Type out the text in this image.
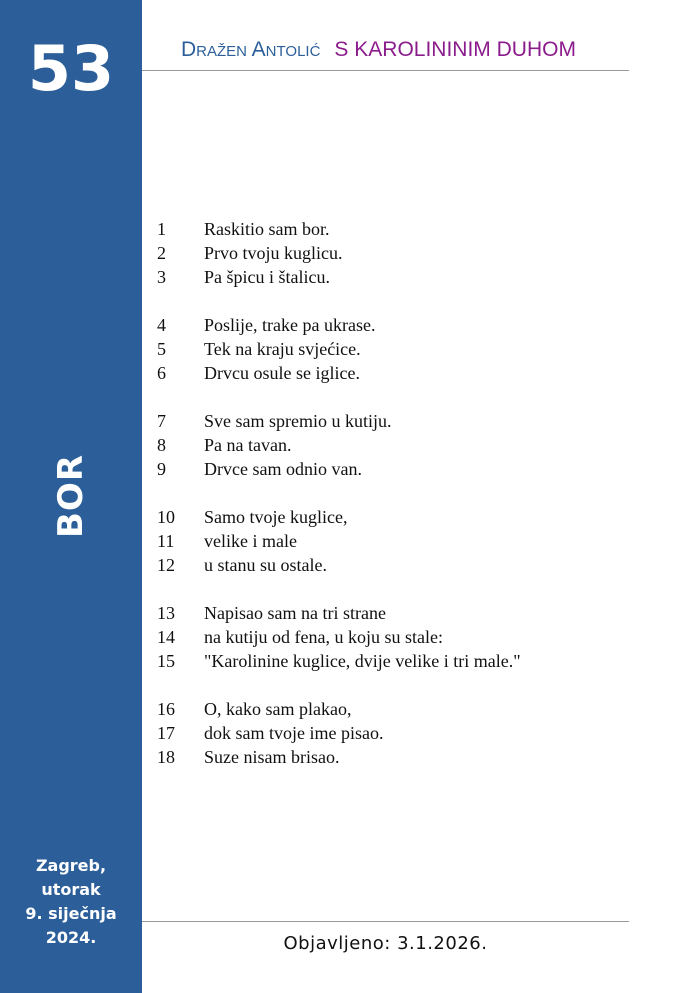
53
BOR
Zagreb,
utorak
9. siječnja
2024.
Dražen Antolić S KAROLININIM DUHOM
1 Raskitio sam bor.
2 Prvo tvoju kuglicu.
3 Pa špicu i štalicu.
4 Poslije, trake pa ukrase.
5 Tek na kraju svjećice.
6 Drvcu osule se iglice.
7 Sve sam spremio u kutiju.
8 Pa na tavan.
9 Drvce sam odnio van.
10 Samo tvoje kuglice,
11 velike i male
12 u stanu su ostale.
13 Napisao sam na tri strane
14 na kutiju od fena, u koju su stale:
15 "Karolinine kuglice, dvije velike i tri male."
16 O, kako sam plakao,
17 dok sam tvoje ime pisao.
18 Suze nisam brisao.
Objavljeno: 3.1.2026.
